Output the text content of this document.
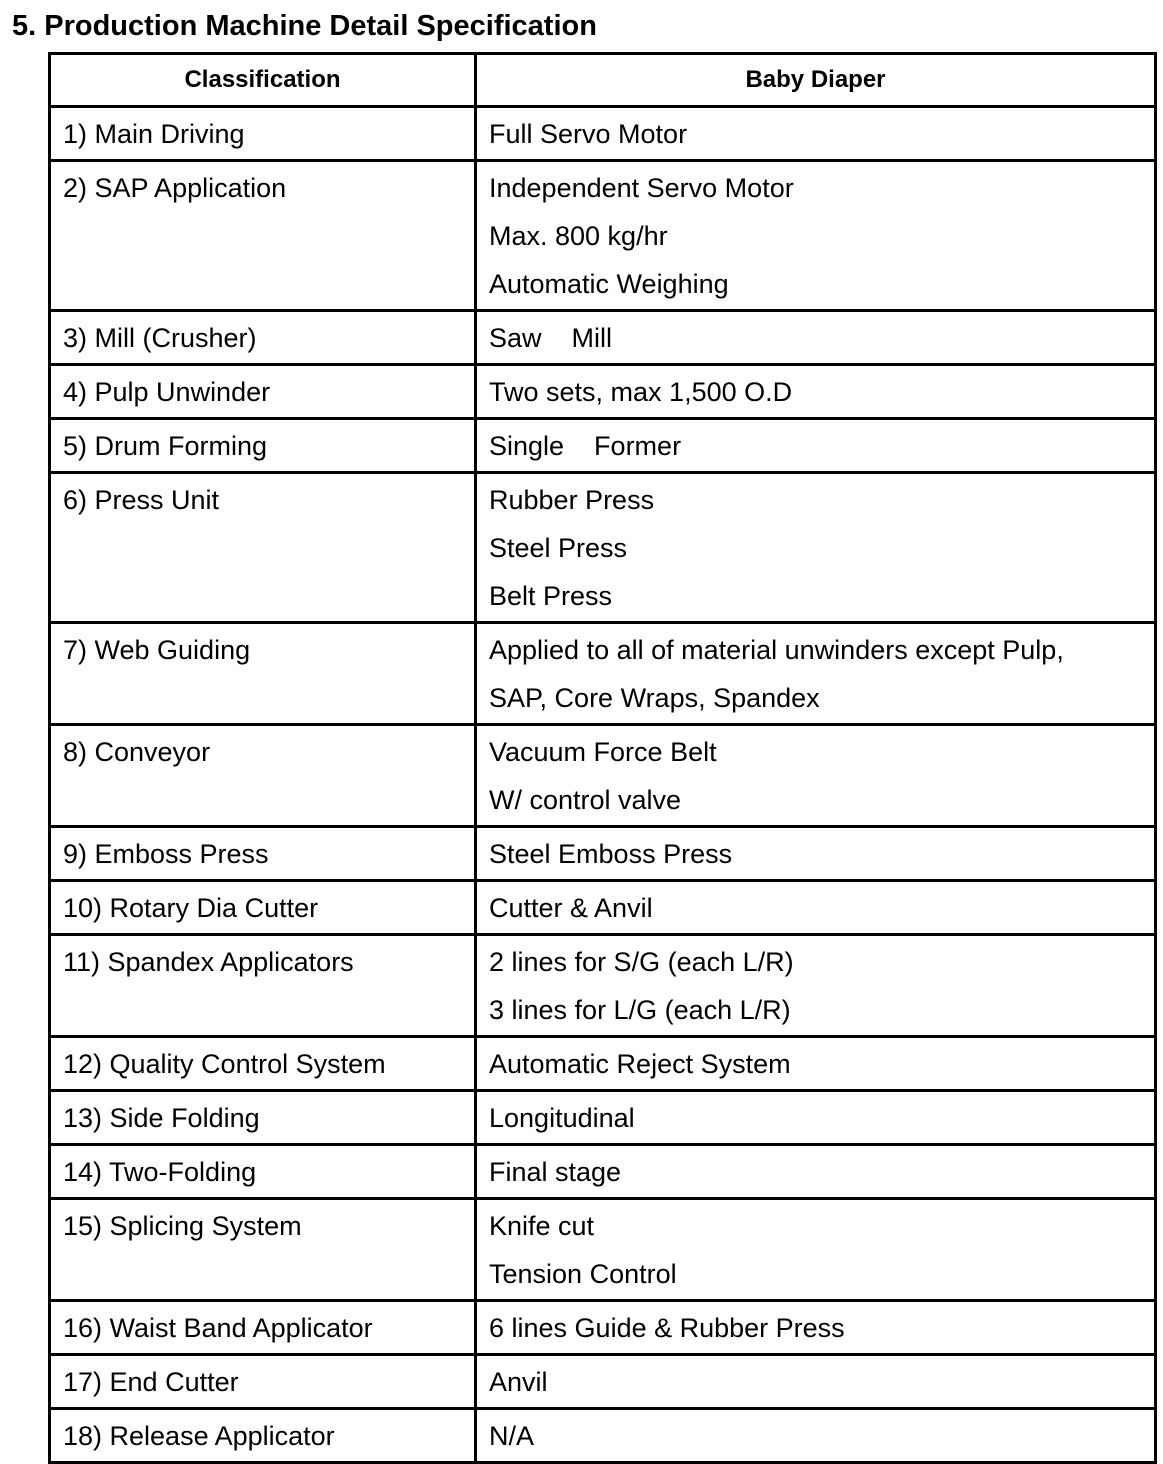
5. Production Machine Detail Specification
Classification	Baby Diaper

1) Main Driving	Full Servo Motor

2) SAP Application	Independent Servo Motor
Max. 800 kg/hr
Automatic Weighing

3) Mill (Crusher)	Saw    Mill

4) Pulp Unwinder	Two sets, max 1,500 O.D

5) Drum Forming	Single    Former

6) Press Unit	Rubber Press
Steel Press
Belt Press

7) Web Guiding	Applied to all of material unwinders except Pulp,
SAP, Core Wraps, Spandex

8) Conveyor	Vacuum Force Belt
W/ control valve

9) Emboss Press	Steel Emboss Press

10) Rotary Dia Cutter	Cutter & Anvil

11) Spandex Applicators	2 lines for S/G (each L/R)
3 lines for L/G (each L/R)

12) Quality Control System	Automatic Reject System

13) Side Folding	Longitudinal

14) Two-Folding	Final stage

15) Splicing System	Knife cut
Tension Control

16) Waist Band Applicator	6 lines Guide & Rubber Press

17) End Cutter	Anvil

18) Release Applicator	N/A
